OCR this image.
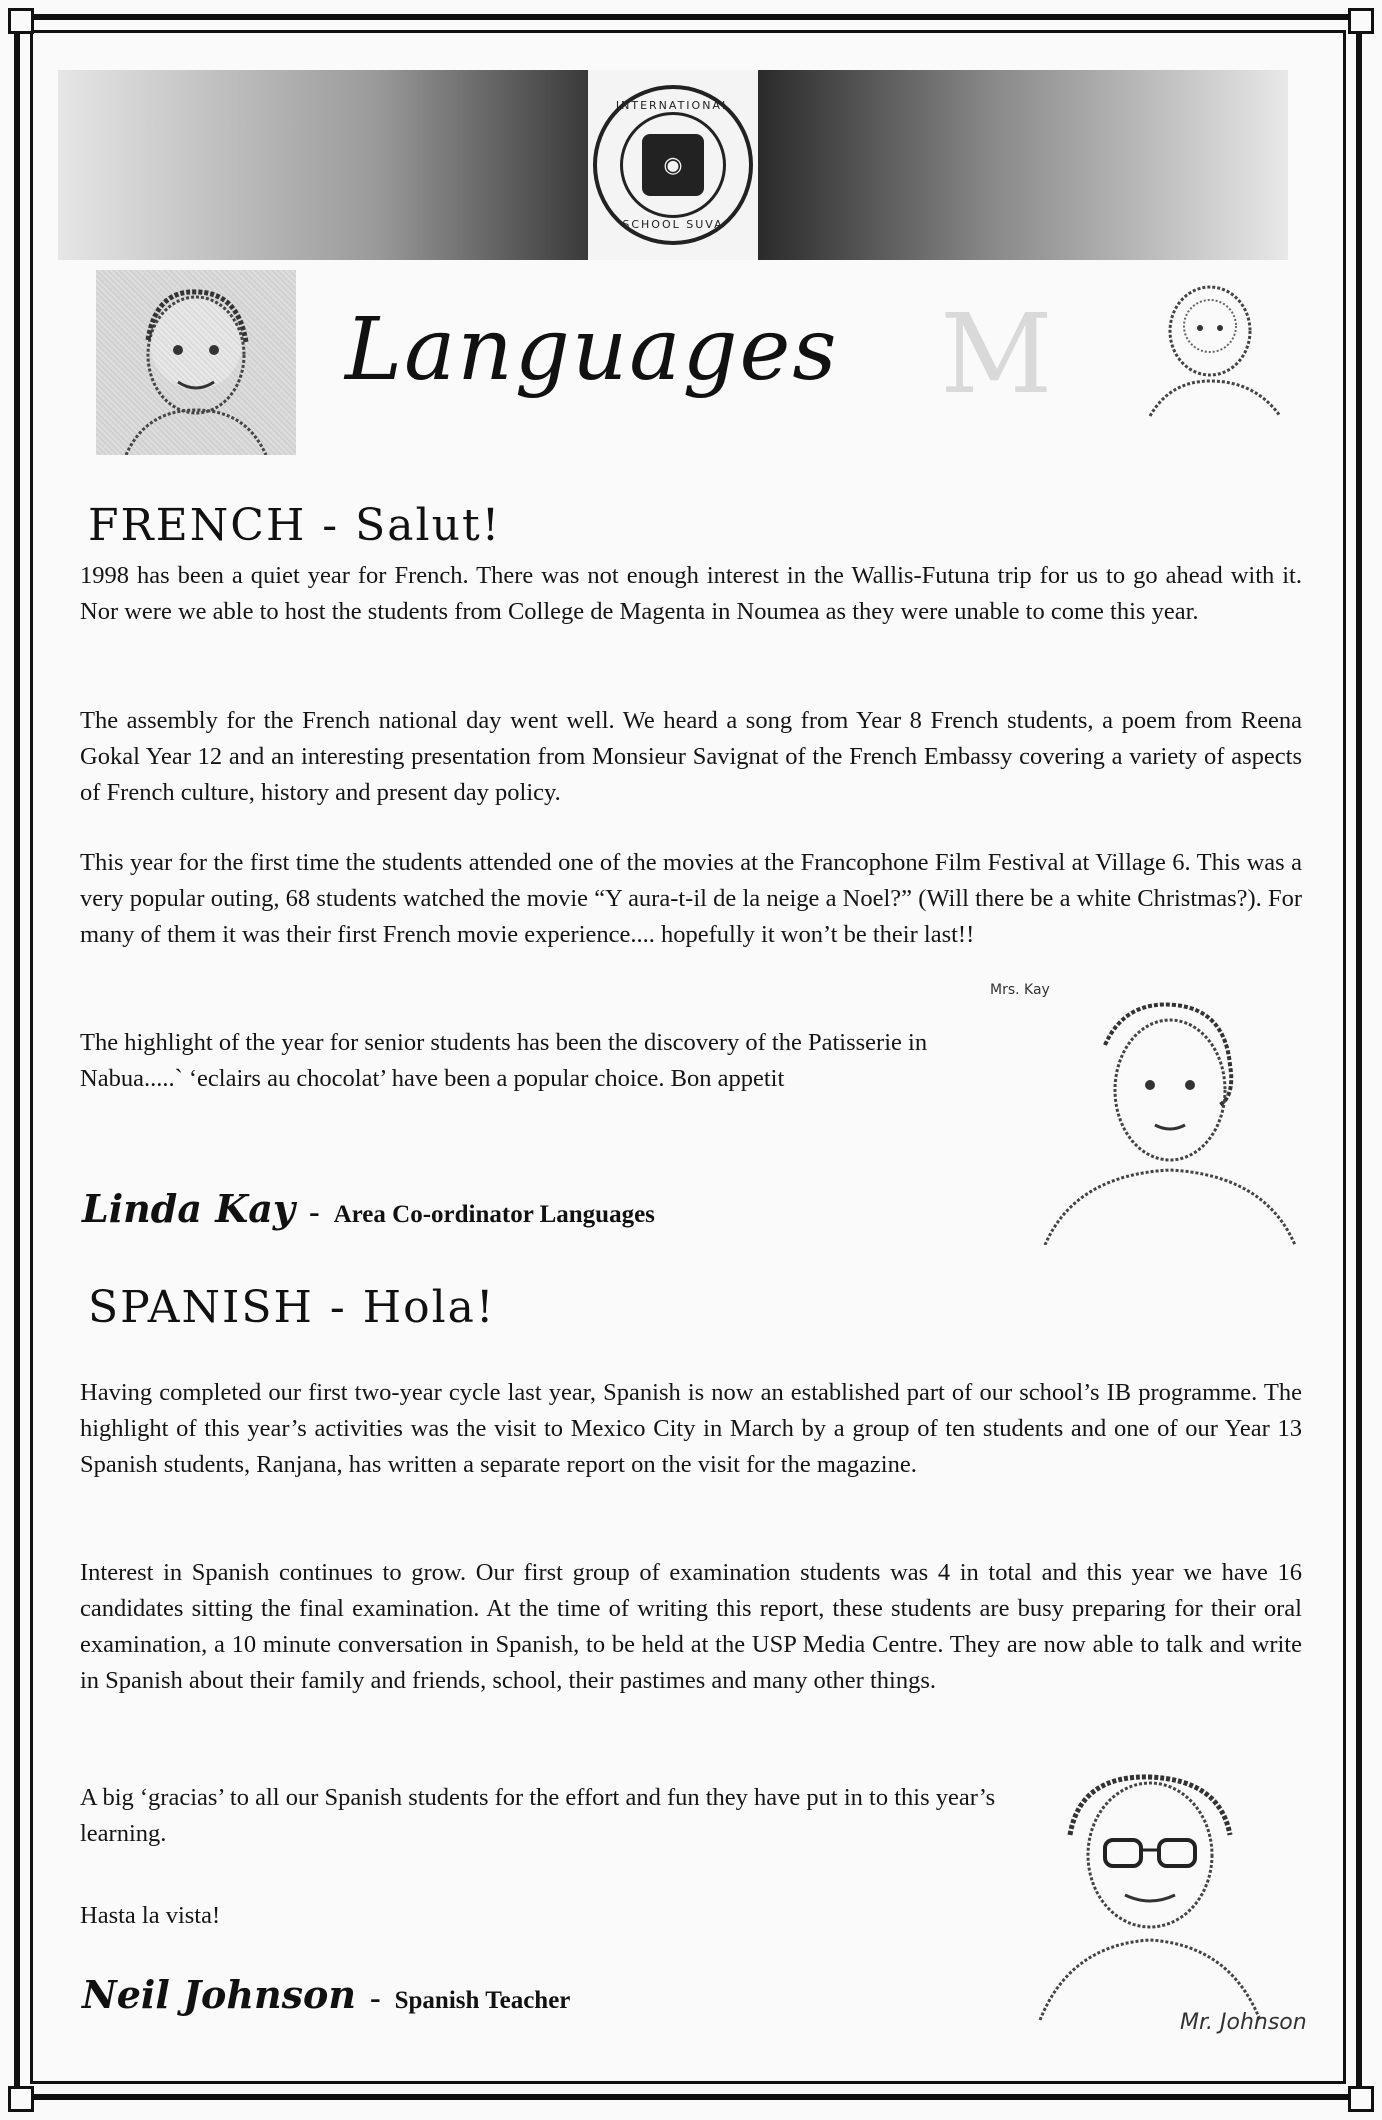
M
INTERNATIONAL
◉
SCHOOL SUVA
Languages
FRENCH - Salut!
1998 has been a quiet year for French. There was not enough interest in the Wallis-Futuna trip for us to go ahead with it. Nor were we able to host the students from College de Magenta in Noumea as they were unable to come this year.
The assembly for the French national day went well. We heard a song from Year 8 French students, a poem from Reena Gokal Year 12 and an interesting presentation from Monsieur Savignat of the French Embassy covering a variety of aspects of French culture, history and present day policy.
This year for the first time the students attended one of the movies at the Francophone Film Festival at Village 6. This was a very popular outing, 68 students watched the movie “Y aura-t-il de la neige a Noel?” (Will there be a white Christmas?). For many of them it was their first French movie experience.... hopefully it won’t be their last!!
The highlight of the year for senior students has been the discovery of the Patisserie in Nabua.....` ‘eclairs au chocolat’ have been a popular choice. Bon appetit
Linda Kay - Area Co-ordinator Languages
Mrs. Kay
SPANISH - Hola!
Having completed our first two-year cycle last year, Spanish is now an established part of our school’s IB programme. The highlight of this year’s activities was the visit to Mexico City in March by a group of ten students and one of our Year 13 Spanish students, Ranjana, has written a separate report on the visit for the magazine.
Interest in Spanish continues to grow. Our first group of examination students was 4 in total and this year we have 16 candidates sitting the final examination. At the time of writing this report, these students are busy preparing for their oral examination, a 10 minute conversation in Spanish, to be held at the USP Media Centre. They are now able to talk and write in Spanish about their family and friends, school, their pastimes and many other things.
A big ‘gracias’ to all our Spanish students for the effort and fun they have put in to this year’s learning.
Hasta la vista!
Mr. Johnson
Neil Johnson - Spanish Teacher
